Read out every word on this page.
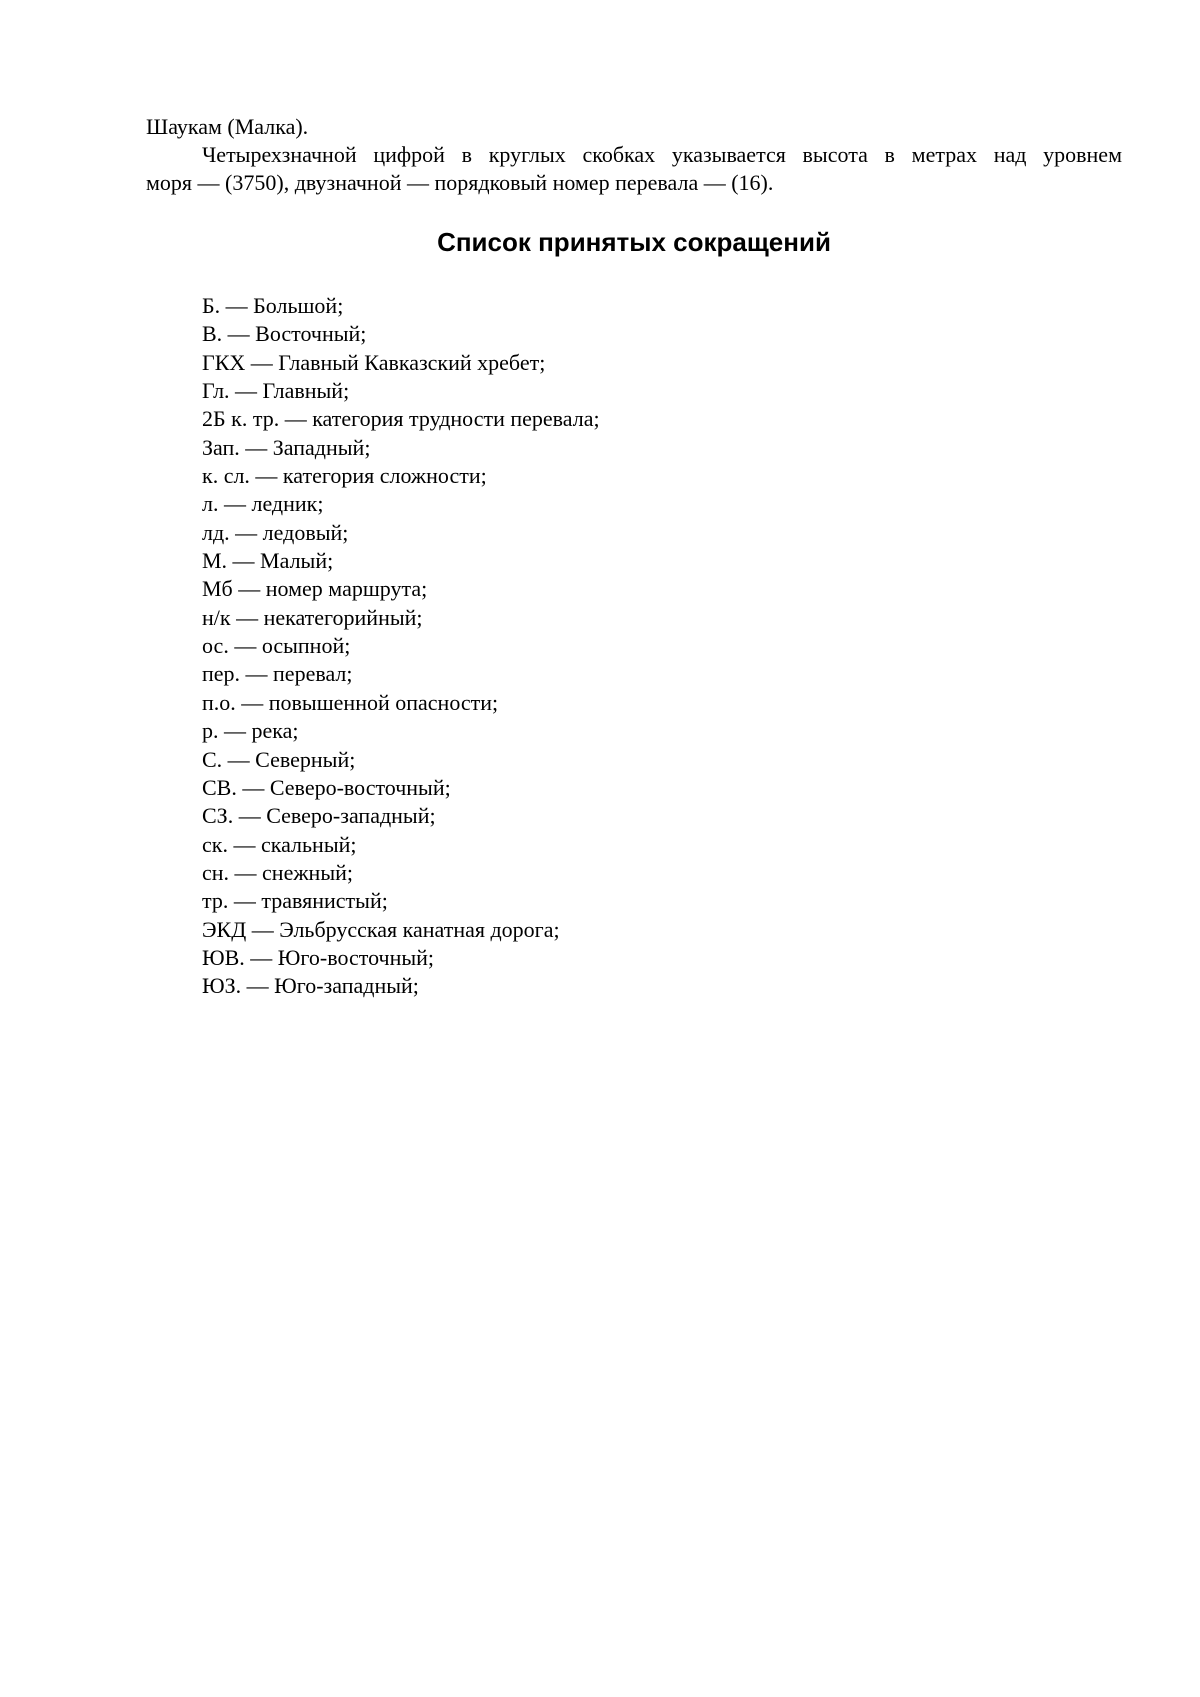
Шаукам (Малка).
Четырехзначной цифрой в круглых скобках указывается высота в метрах над уровнем
моря — (3750), двузначной — порядковый номер перевала — (16).
Список принятых сокращений
Б. — Большой;
В. — Восточный;
ГКХ — Главный Кавказский хребет;
Гл. — Главный;
2Б к. тр. — категория трудности перевала;
Зап. — Западный;
к. сл. — категория сложности;
л. — ледник;
лд. — ледовый;
М. — Малый;
Мб — номер маршрута;
н/к — некатегорийный;
ос. — осыпной;
пер. — перевал;
п.о. — повышенной опасности;
р. — река;
С. — Северный;
СВ. — Северо-восточный;
СЗ. — Северо-западный;
ск. — скальный;
сн. — снежный;
тр. — травянистый;
ЭКД — Эльбрусская канатная дорога;
ЮВ. — Юго-восточный;
ЮЗ. — Юго-западный;
